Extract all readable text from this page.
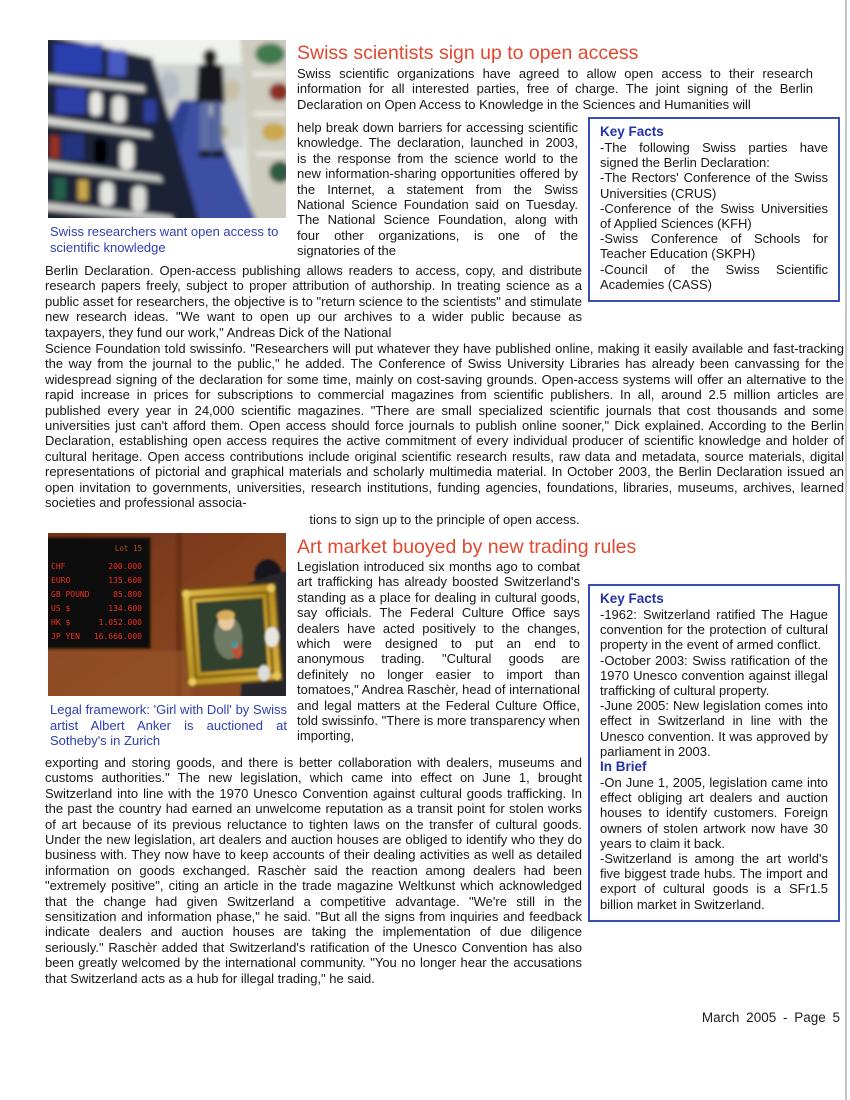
Swiss researchers want open access to scientific knowledge
Swiss scientists sign up to open access
Swiss scientific organizations have agreed to allow open access to their research information for all interested parties, free of charge. The joint signing of the Berlin Declaration on Open Access to Knowledge in the Sciences and Humanities will
help break down barriers for accessing scientific knowledge. The declaration, launched in 2003, is the response from the science world to the new information-sharing opportunities offered by the Internet, a statement from the Swiss National Science Foundation said on Tuesday. The National Science Foundation, along with four other organizations, is one of the signatories of the
Berlin Declaration. Open-access publishing allows readers to access, copy, and distribute research papers freely, subject to proper attribution of authorship. In treating science as a public asset for researchers, the objective is to "return science to the scientists" and stimulate new research ideas. "We want to open up our archives to a wider public because as taxpayers, they fund our work," Andreas Dick of the National
Science Foundation told swissinfo. "Researchers will put whatever they have published online, making it easily available and fast-tracking the way from the journal to the public," he added. The Conference of Swiss University Libraries has already been canvassing for the widespread signing of the declaration for some time, mainly on cost-saving grounds. Open-access systems will offer an alternative to the rapid increase in prices for subscriptions to commercial magazines from scientific publishers. In all, around 2.5 million articles are published every year in 24,000 scientific magazines. "There are small specialized scientific journals that cost thousands and some universities just can't afford them. Open access should force journals to publish online sooner," Dick explained. According to the Berlin Declaration, establishing open access requires the active commitment of every individual producer of scientific knowledge and holder of cultural heritage. Open access contributions include original scientific research results, raw data and metadata, source materials, digital representations of pictorial and graphical materials and scholarly multimedia material. In October 2003, the Berlin Declaration issued an open invitation to governments, universities, research institutions, funding agencies, foundations, libraries, museums, archives, learned societies and professional associa-
tions to sign up to the principle of open access.
Key Facts
-The following Swiss parties have signed the Berlin Declaration:
-The Rectors' Conference of the Swiss Universities (CRUS)
-Conference of the Swiss Universities of Applied Sciences (KFH)
-Swiss Conference of Schools for Teacher Education (SKPH)
-Council of the Swiss Scientific Academies (CASS)
Lot 15
CHF	200.000
EURO	135.600
GB POUND	85.800
US $	134.600
HK $	1.052.000
JP YEN 16.666.000
Legal framework: 'Girl with Doll' by Swiss artist Albert Anker is auctioned at Sotheby's in Zurich
Art market buoyed by new trading rules
Legislation introduced six months ago to combat art trafficking has already boosted Switzerland's standing as a place for dealing in cultural goods, say officials. The Federal Culture Office says dealers have acted positively to the changes, which were designed to put an end to anonymous trading. "Cultural goods are definitely no longer easier to import than tomatoes," Andrea Raschèr, head of international and legal matters at the Federal Culture Office, told swissinfo. "There is more transparency when importing,
exporting and storing goods, and there is better collaboration with dealers, museums and customs authorities." The new legislation, which came into effect on June 1, brought Switzerland into line with the 1970 Unesco Convention against cultural goods trafficking. In the past the country had earned an unwelcome reputation as a transit point for stolen works of art because of its previous reluctance to tighten laws on the transfer of cultural goods. Under the new legislation, art dealers and auction houses are obliged to identify who they do business with. They now have to keep accounts of their dealing activities as well as detailed information on goods exchanged. Raschèr said the reaction among dealers had been "extremely positive", citing an article in the trade magazine Weltkunst which acknowledged that the change had given Switzerland a competitive advantage. "We're still in the sensitization and information phase," he said. "But all the signs from inquiries and feedback indicate dealers and auction houses are taking the implementation of due diligence seriously." Raschèr added that Switzerland's ratification of the Unesco Convention has also been greatly welcomed by the international community. "You no longer hear the accusations that Switzerland acts as a hub for illegal trading," he said.
Key Facts
-1962: Switzerland ratified The Hague convention for the protection of cultural property in the event of armed conflict.
-October 2003: Swiss ratification of the 1970 Unesco convention against illegal trafficking of cultural property.
-June 2005: New legislation comes into effect in Switzerland in line with the Unesco convention. It was approved by parliament in 2003.
In Brief
-On June 1, 2005, legislation came into effect obliging art dealers and auction houses to identify customers. Foreign owners of stolen artwork now have 30 years to claim it back.
-Switzerland is among the art world's five biggest trade hubs. The import and export of cultural goods is a SFr1.5 billion market in Switzerland.
March 2005 - Page 5
